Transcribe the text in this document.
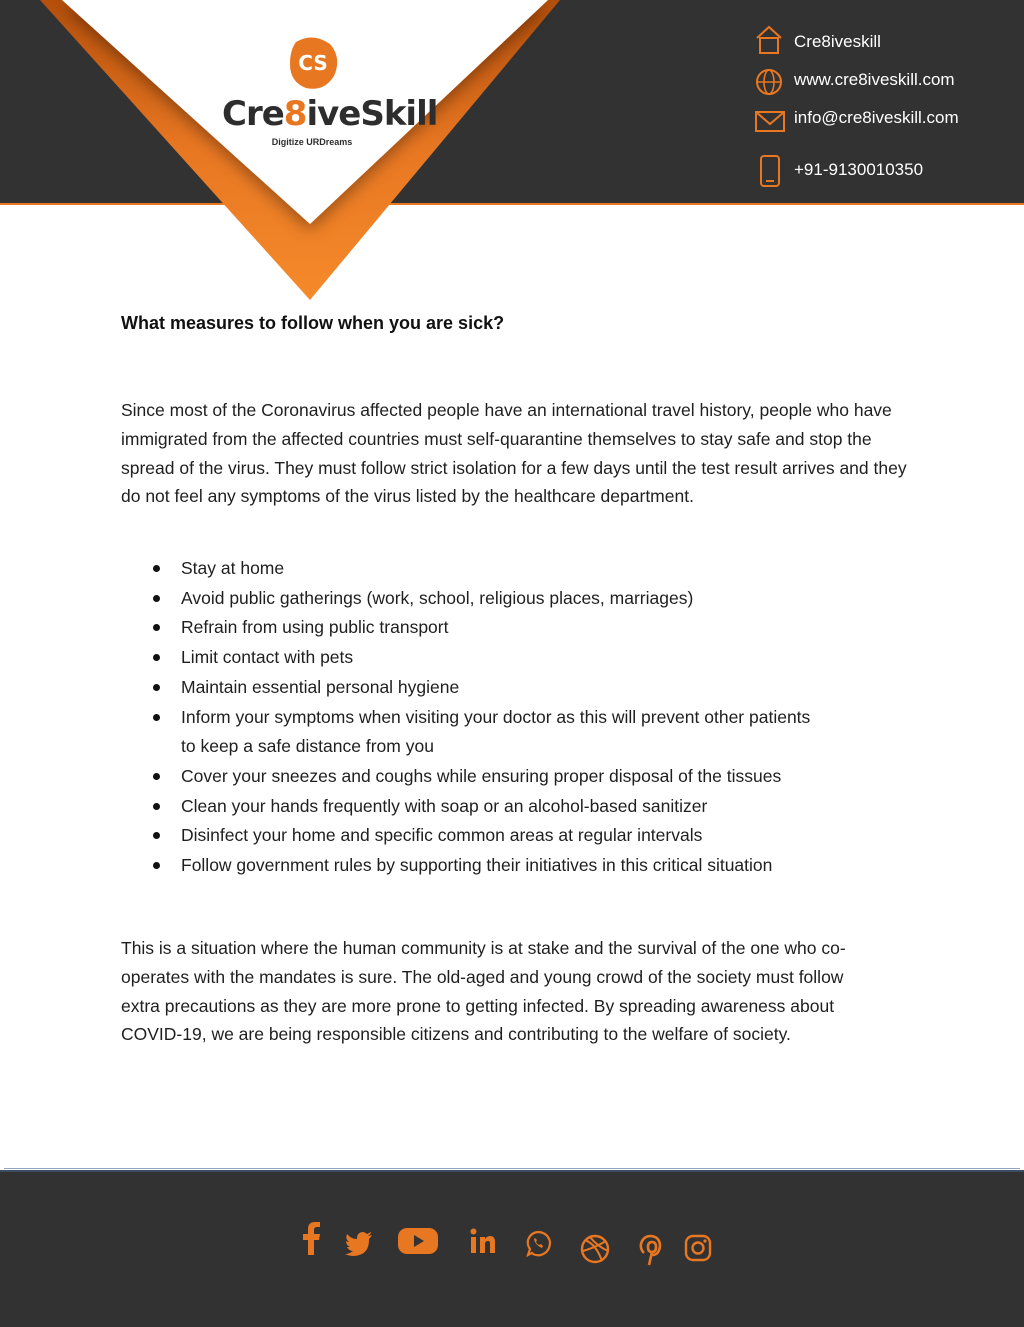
CS
Cre8iveSkill
Digitize URDreams
Cre8iveskill
www.cre8iveskill.com
info@cre8iveskill.com
+91-9130010350
What measures to follow when you are sick?

Since most of the Coronavirus affected people have an international travel history, people who have immigrated from the affected countries must self-quarantine themselves to stay safe and stop the spread of the virus. They must follow strict isolation for a few days until the test result arrives and they do not feel any symptoms of the virus listed by the healthcare department.

Stay at home
Avoid public gatherings (work, school, religious places, marriages)
Refrain from using public transport
Limit contact with pets
Maintain essential personal hygiene
Inform your symptoms when visiting your doctor as this will prevent other patients to keep a safe distance from you
Cover your sneezes and coughs while ensuring proper disposal of the tissues
Clean your hands frequently with soap or an alcohol-based sanitizer
Disinfect your home and specific common areas at regular intervals
Follow government rules by supporting their initiatives in this critical situation

This is a situation where the human community is at stake and the survival of the one who co-operates with the mandates is sure. The old-aged and young crowd of the society must follow extra precautions as they are more prone to getting infected. By spreading awareness about COVID-19, we are being responsible citizens and contributing to the welfare of society.
